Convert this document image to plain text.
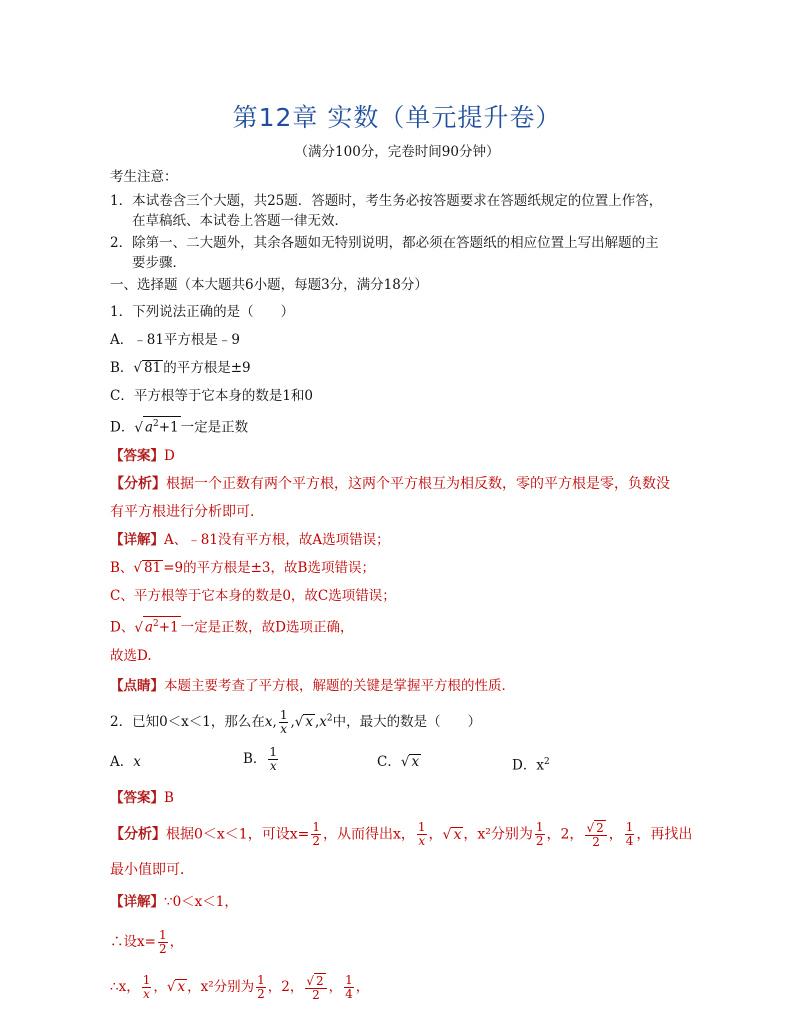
第12章 实数（单元提升卷）
（满分100分，完卷时间90分钟）
考生注意：
1．本试卷含三个大题，共25题．答题时，考生务必按答题要求在答题纸规定的位置上作答，
在草稿纸、本试卷上答题一律无效．
2．除第一、二大题外，其余各题如无特别说明，都必须在答题纸的相应位置上写出解题的主
要步骤．
一、选择题（本大题共6小题，每题3分，满分18分）
1．下列说法正确的是（　　）
A．﹣81平方根是﹣9
B．√ 81 的平方根是±9
C．平方根等于它本身的数是1和0
D．√ $a^2+1$ 一定是正数
【答案】D
【分析】根据一个正数有两个平方根，这两个平方根互为相反数，零的平方根是零，负数没
有平方根进行分析即可．
【详解】A、﹣81没有平方根，故A选项错误；
B、√ 81 =9的平方根是±3，故B选项错误；
C、平方根等于它本身的数是0，故C选项错误；
D、√ $a^2+1$ 一定是正数，故D选项正确，
故选D.
【点睛】本题主要考查了平方根，解题的关键是掌握平方根的性质．
2．已知0＜x＜1，那么在x, $\frac{1}{x}$ ,√ x $,x^2$中，最大的数是（　　）
A．x	B． $\frac{1}{x}$	C．√ x	D．$x^2$
【答案】B
【分析】根据0＜x＜1，可设$x= \frac{1}{2}$ ，从而得出x， $\frac{1}{x}$ ，√ x ，x²分别为 $\frac{1}{2}$ ，2， $\frac{√ 2}{2}$ ， $\frac{1}{4}$ ，再找出
最小值即可．
【详解】∵0＜x＜1，
∴设$x= \frac{1}{2}$ ，
∴x， $\frac{1}{x}$ ，√ x ，x²分别为 $\frac{1}{2}$ ，2， $\frac{√ 2}{2}$ ， $\frac{1}{4}$ ，
